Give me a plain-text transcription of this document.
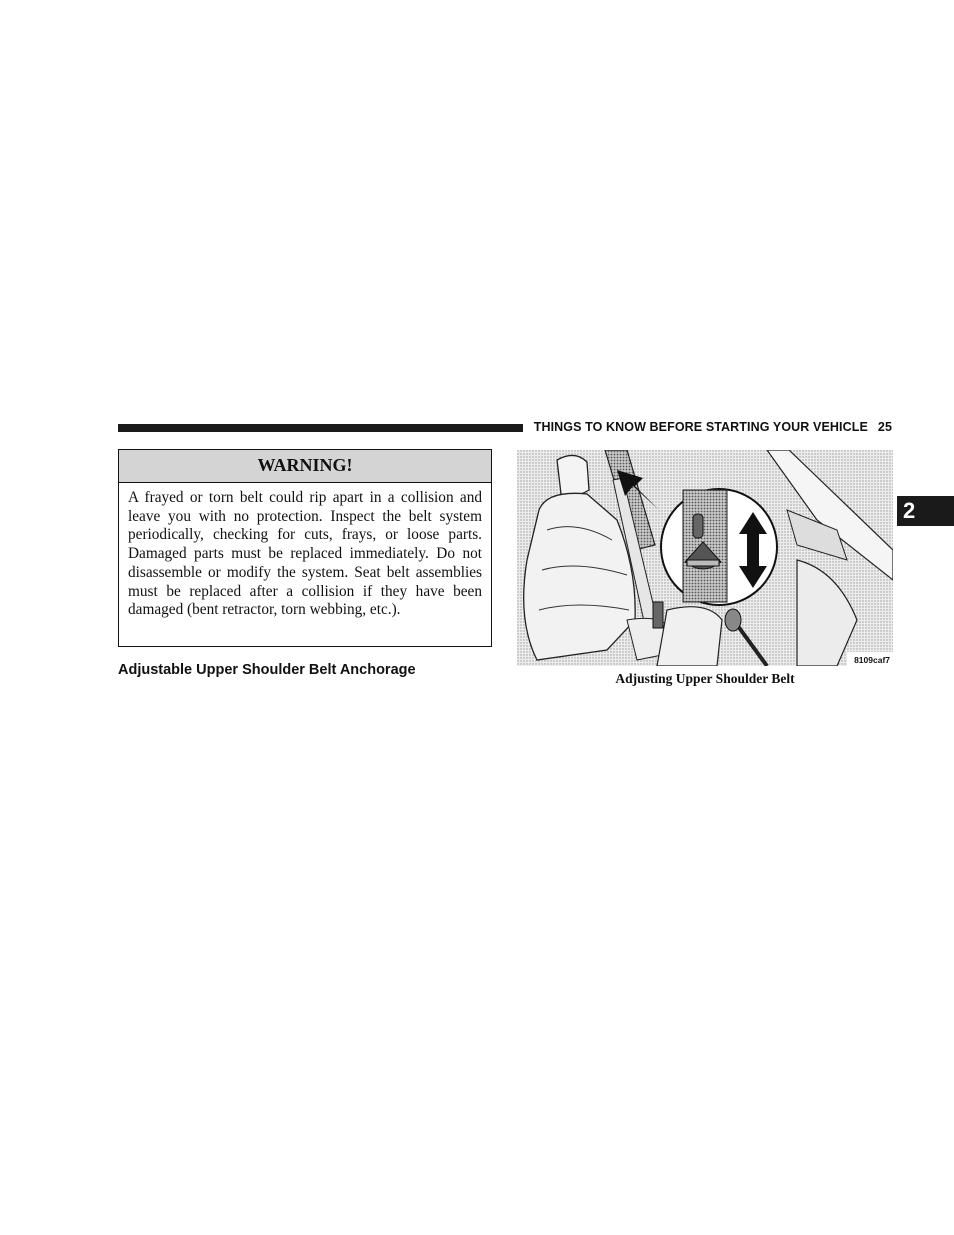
THINGS TO KNOW BEFORE STARTING YOUR VEHICLE 25
2
WARNING!
A frayed or torn belt could rip apart in a collision and leave you with no protection. Inspect the belt system periodically, checking for cuts, frays, or loose parts. Damaged parts must be replaced immediately. Do not disassemble or modify the system. Seat belt assemblies must be replaced after a collision if they have been damaged (bent retractor, torn webbing, etc.).
Adjustable Upper Shoulder Belt Anchorage
8109caf7
Adjusting Upper Shoulder Belt
